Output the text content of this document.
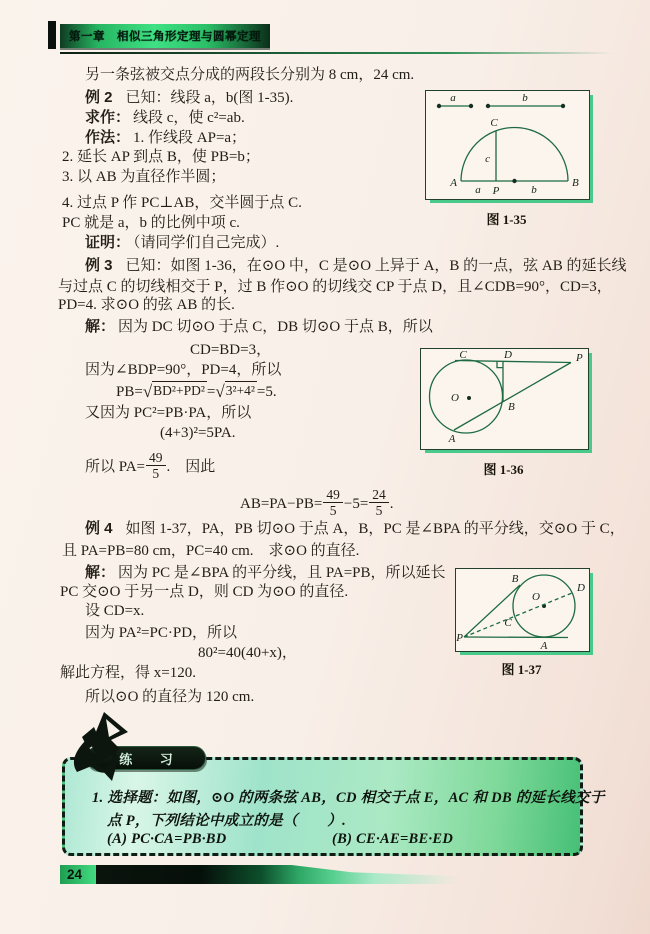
第一章　相似三角形定理与圆幂定理
另一条弦被交点分成的两段长分别为 8 cm，24 cm.
例 2 已知：线段 a，b(图 1-35).
求作： 线段 c，使 c²=ab.
作法： 1. 作线段 AP=a；
2. 延长 AP 到点 B，使 PB=b；
3. 以 AB 为直径作半圆；
4. 过点 P 作 PC⊥AB，交半圆于点 C.
PC 就是 a，b 的比例中项 c.
证明： （请同学们自己完成）.
例 3 已知：如图 1-36，在⊙O 中，C 是⊙O 上异于 A，B 的一点，弦 AB 的延长线
与过点 C 的切线相交于 P，过 B 作⊙O 的切线交 CP 于点 D，且∠CDB=90°，CD=3，
PD=4. 求⊙O 的弦 AB 的长.
解： 因为 DC 切⊙O 于点 C，DB 切⊙O 于点 B，所以
CD=BD=3，
因为∠BDP=90°，PD=4，所以
PB=√BD²+PD² =√3²+4² =5.
又因为 PC²=PB·PA，所以
(4+3)²=5PA.
所以 $PA= \frac{49}{5}$ .　因此
$AB=PA-PB= \frac{49}{5} -5= \frac{24}{5}$ .
例 4 如图 1-37，PA，PB 切⊙O 于点 A，B，PC 是∠BPA 的平分线，交⊙O 于 C，
且 PA=PB=80 cm，PC=40 cm.　求⊙O 的直径.
解： 因为 PC 是∠BPA 的平分线，且 PA=PB，所以延长
PC 交⊙O 于另一点 D，则 CD 为⊙O 的直径.
设 CD=x.
因为 PA²=PC·PD，所以
80²=40(40+x)，
解此方程，得 x=120.
所以⊙O 的直径为 120 cm.
a	b
C
c
A
a P	b
B
图 1-35
O
C	D	P
B
A
图 1-36
P
B
C
O
D
A
图 1-37
练 习
1. 选择题：如图，⊙O 的两条弦 AB，CD 相交于点 E，AC 和 DB 的延长线交于
点 P，下列结论中成立的是（　　）.
(A) PC·CA=PB·BD	(B) CE·AE=BE·ED
24
